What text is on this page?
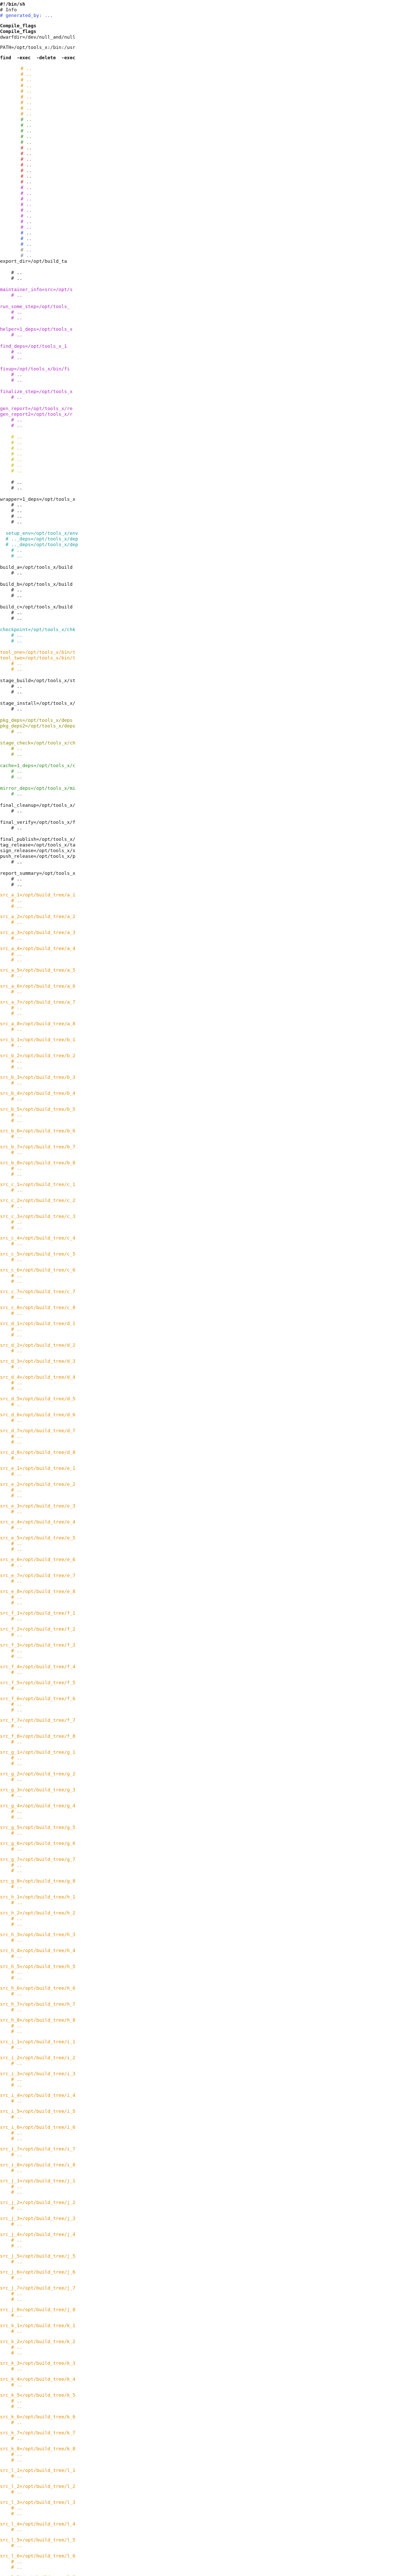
#!/bin/sh
# Info
# generated_by: ...
Compile_flags
Compile_flags
dwarfdir=/dev/null_and/null
PATH=/opt/tools_x:/bin:/usr
find  -exec  -delete  -exec
# ..
# ..
# ..
# ..
# ..
# ..
# ..
# ..
# ..
# ..
# ..
# ..
# ..
# ..
# ..
# ..
# ..
# ..
# ..
# ..
# ..
# ..
# ..
# ..
# ..
# ..
# ..
# ..
# ..
# ..
# ..
# ..
# ..
# ..
export_dir=/opt/build_ta
# ..
# ..
maintainer_info=src=/opt/s
# ..
run_some_step=/opt/tools_
# ..
# ..
helper=1_deps=/opt/tools_x
# ..
find_deps=/opt/tools_x_1
# ..
# ..
fixup=/opt/tools_x/bin/fi
# ..
# ..
finalize_step=/opt/tools_x
# ..
gen_report=/opt/tools_x/re
gen_report2=/opt/tools_x/r
# ..
# ..
# ..
# ..
# ..
# ..
# ..
# ..
# ..
# ..
# ..
wrapper=1_deps=/opt/tools_x
# ..
# ..
# ..
# ..
setup_env=/opt/tools_x/env
# .._deps=/opt/tools_x/dep
# .._deps=/opt/tools_x/dep
# ..
# ..
build_a=/opt/tools_x/build
# ..
build_b=/opt/tools_x/build
# ..
# ..
build_c=/opt/tools_x/build
# ..
# ..
checkpoint=/opt/tools_x/chk
# ..
# ..
tool_one=/opt/tools_x/bin/t
tool_two=/opt/tools_x/bin/t
# ..
# ..
stage_build=/opt/tools_x/st
# ..
# ..
stage_install=/opt/tools_x/
# ..
pkg_deps=/opt/tools_x/deps
pkg_deps2=/opt/tools_x/deps
# ..
stage_check=/opt/tools_x/ch
# ..
# ..
cache=1_deps=/opt/tools_x/c
# ..
# ..
mirror_deps=/opt/tools_x/mi
# ..
final_cleanup=/opt/tools_x/
# ..
final_verify=/opt/tools_x/f
# ..
final_publish=/opt/tools_x/
tag_release=/opt/tools_x/ta
sign_release=/opt/tools_x/s
push_release=/opt/tools_x/p
# ..
report_summary=/opt/tools_x
# ..
# ..
src_a_1=/opt/build_tree/a_1
# ..
# ..
src_a_2=/opt/build_tree/a_2
# ..
src_a_3=/opt/build_tree/a_3
# ..
src_a_4=/opt/build_tree/a_4
# ..
# ..
src_a_5=/opt/build_tree/a_5
# ..
src_a_6=/opt/build_tree/a_6
# ..
src_a_7=/opt/build_tree/a_7
# ..
# ..
src_a_8=/opt/build_tree/a_8
# ..
src_b_1=/opt/build_tree/b_1
# ..
src_b_2=/opt/build_tree/b_2
# ..
# ..
src_b_3=/opt/build_tree/b_3
# ..
src_b_4=/opt/build_tree/b_4
# ..
src_b_5=/opt/build_tree/b_5
# ..
# ..
src_b_6=/opt/build_tree/b_6
# ..
src_b_7=/opt/build_tree/b_7
# ..
src_b_8=/opt/build_tree/b_8
# ..
# ..
src_c_1=/opt/build_tree/c_1
# ..
src_c_2=/opt/build_tree/c_2
# ..
src_c_3=/opt/build_tree/c_3
# ..
# ..
src_c_4=/opt/build_tree/c_4
# ..
src_c_5=/opt/build_tree/c_5
# ..
src_c_6=/opt/build_tree/c_6
# ..
# ..
src_c_7=/opt/build_tree/c_7
# ..
src_c_8=/opt/build_tree/c_8
# ..
src_d_1=/opt/build_tree/d_1
# ..
# ..
src_d_2=/opt/build_tree/d_2
# ..
src_d_3=/opt/build_tree/d_3
# ..
src_d_4=/opt/build_tree/d_4
# ..
# ..
src_d_5=/opt/build_tree/d_5
# ..
src_d_6=/opt/build_tree/d_6
# ..
src_d_7=/opt/build_tree/d_7
# ..
# ..
src_d_8=/opt/build_tree/d_8
# ..
src_e_1=/opt/build_tree/e_1
# ..
src_e_2=/opt/build_tree/e_2
# ..
# ..
src_e_3=/opt/build_tree/e_3
# ..
src_e_4=/opt/build_tree/e_4
# ..
src_e_5=/opt/build_tree/e_5
# ..
# ..
src_e_6=/opt/build_tree/e_6
# ..
src_e_7=/opt/build_tree/e_7
# ..
src_e_8=/opt/build_tree/e_8
# ..
# ..
src_f_1=/opt/build_tree/f_1
# ..
src_f_2=/opt/build_tree/f_2
# ..
src_f_3=/opt/build_tree/f_3
# ..
# ..
src_f_4=/opt/build_tree/f_4
# ..
src_f_5=/opt/build_tree/f_5
# ..
src_f_6=/opt/build_tree/f_6
# ..
# ..
src_f_7=/opt/build_tree/f_7
# ..
src_f_8=/opt/build_tree/f_8
# ..
src_g_1=/opt/build_tree/g_1
# ..
# ..
src_g_2=/opt/build_tree/g_2
# ..
src_g_3=/opt/build_tree/g_3
# ..
src_g_4=/opt/build_tree/g_4
# ..
# ..
src_g_5=/opt/build_tree/g_5
# ..
src_g_6=/opt/build_tree/g_6
# ..
src_g_7=/opt/build_tree/g_7
# ..
# ..
src_g_8=/opt/build_tree/g_8
# ..
src_h_1=/opt/build_tree/h_1
# ..
src_h_2=/opt/build_tree/h_2
# ..
# ..
src_h_3=/opt/build_tree/h_3
# ..
src_h_4=/opt/build_tree/h_4
# ..
src_h_5=/opt/build_tree/h_5
# ..
# ..
src_h_6=/opt/build_tree/h_6
# ..
src_h_7=/opt/build_tree/h_7
# ..
src_h_8=/opt/build_tree/h_8
# ..
# ..
src_i_1=/opt/build_tree/i_1
# ..
src_i_2=/opt/build_tree/i_2
# ..
src_i_3=/opt/build_tree/i_3
# ..
# ..
src_i_4=/opt/build_tree/i_4
# ..
src_i_5=/opt/build_tree/i_5
# ..
src_i_6=/opt/build_tree/i_6
# ..
# ..
src_i_7=/opt/build_tree/i_7
# ..
src_i_8=/opt/build_tree/i_8
# ..
src_j_1=/opt/build_tree/j_1
# ..
# ..
src_j_2=/opt/build_tree/j_2
# ..
src_j_3=/opt/build_tree/j_3
# ..
src_j_4=/opt/build_tree/j_4
# ..
# ..
src_j_5=/opt/build_tree/j_5
# ..
src_j_6=/opt/build_tree/j_6
# ..
src_j_7=/opt/build_tree/j_7
# ..
# ..
src_j_8=/opt/build_tree/j_8
# ..
src_k_1=/opt/build_tree/k_1
# ..
src_k_2=/opt/build_tree/k_2
# ..
# ..
src_k_3=/opt/build_tree/k_3
# ..
src_k_4=/opt/build_tree/k_4
# ..
src_k_5=/opt/build_tree/k_5
# ..
# ..
src_k_6=/opt/build_tree/k_6
# ..
src_k_7=/opt/build_tree/k_7
# ..
src_k_8=/opt/build_tree/k_8
# ..
# ..
src_l_1=/opt/build_tree/l_1
# ..
src_l_2=/opt/build_tree/l_2
# ..
src_l_3=/opt/build_tree/l_3
# ..
# ..
src_l_4=/opt/build_tree/l_4
# ..
src_l_5=/opt/build_tree/l_5
# ..
src_l_6=/opt/build_tree/l_6
# ..
# ..
